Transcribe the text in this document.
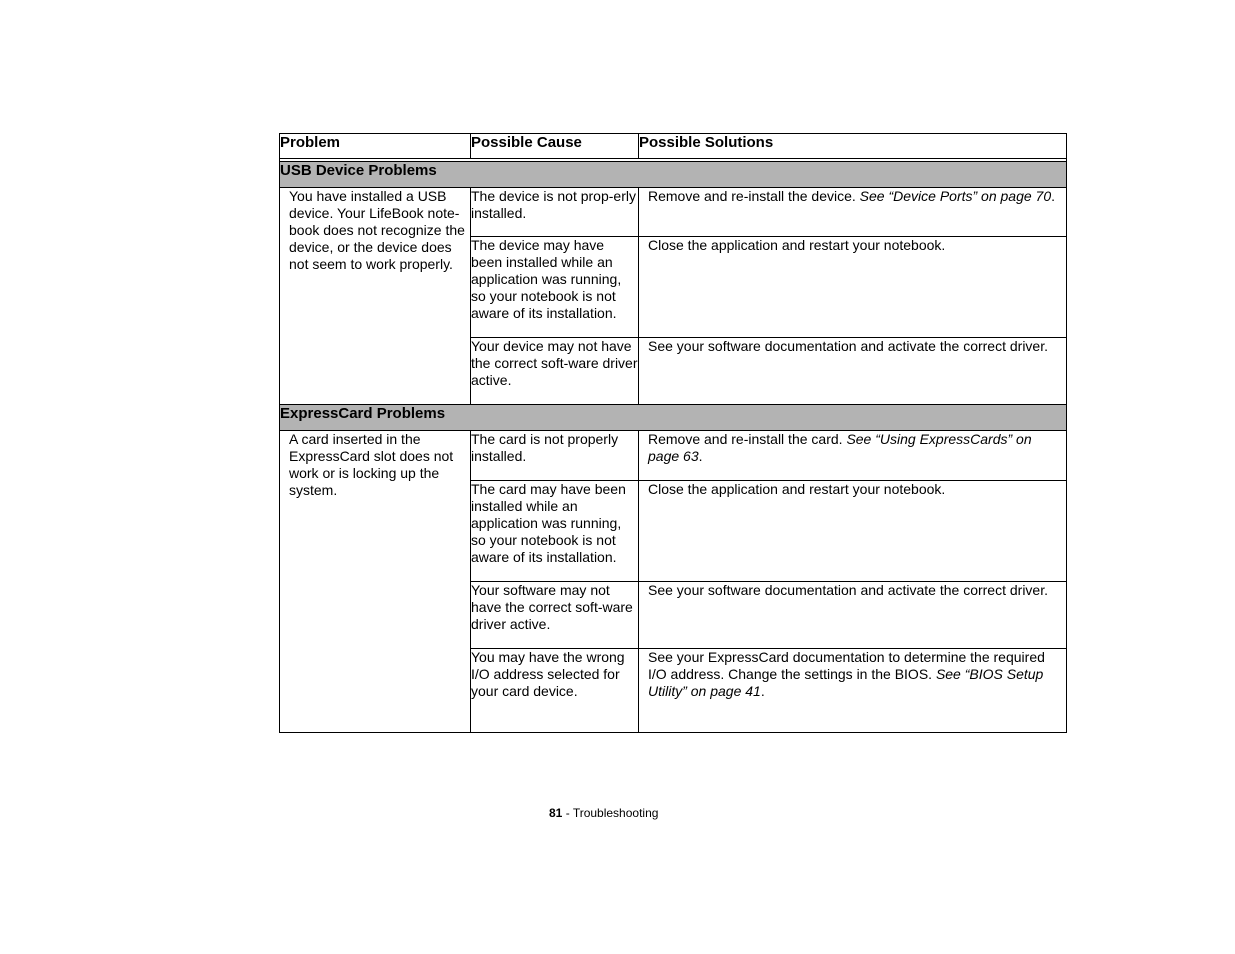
Problem	Possible Cause	Possible Solutions

USB Device Problems		
You have installed a USB device. Your LifeBook note-book does not recognize the device, or the device does not seem to work properly.	The device is not prop-erly installed.	Remove and re-install the device. See “Device Ports” on page 70.
	The device may have been installed while an application was running, so your notebook is not aware of its installation.	Close the application and restart your notebook.
	Your device may not have the correct soft-ware driver active.	See your software documentation and activate the correct driver.
ExpressCard Problems		
A card inserted in the ExpressCard slot does not work or is locking up the system.	The card is not properly installed.	Remove and re-install the card. See “Using ExpressCards” on page 63.
	The card may have been installed while an application was running, so your notebook is not aware of its installation.	Close the application and restart your notebook.
	Your software may not have the correct soft-ware driver active.	See your software documentation and activate the correct driver.
	You may have the wrong I/O address selected for your card device.	See your ExpressCard documentation to determine the required I/O address. Change the settings in the BIOS. See “BIOS Setup Utility” on page 41.
81 - Troubleshooting
